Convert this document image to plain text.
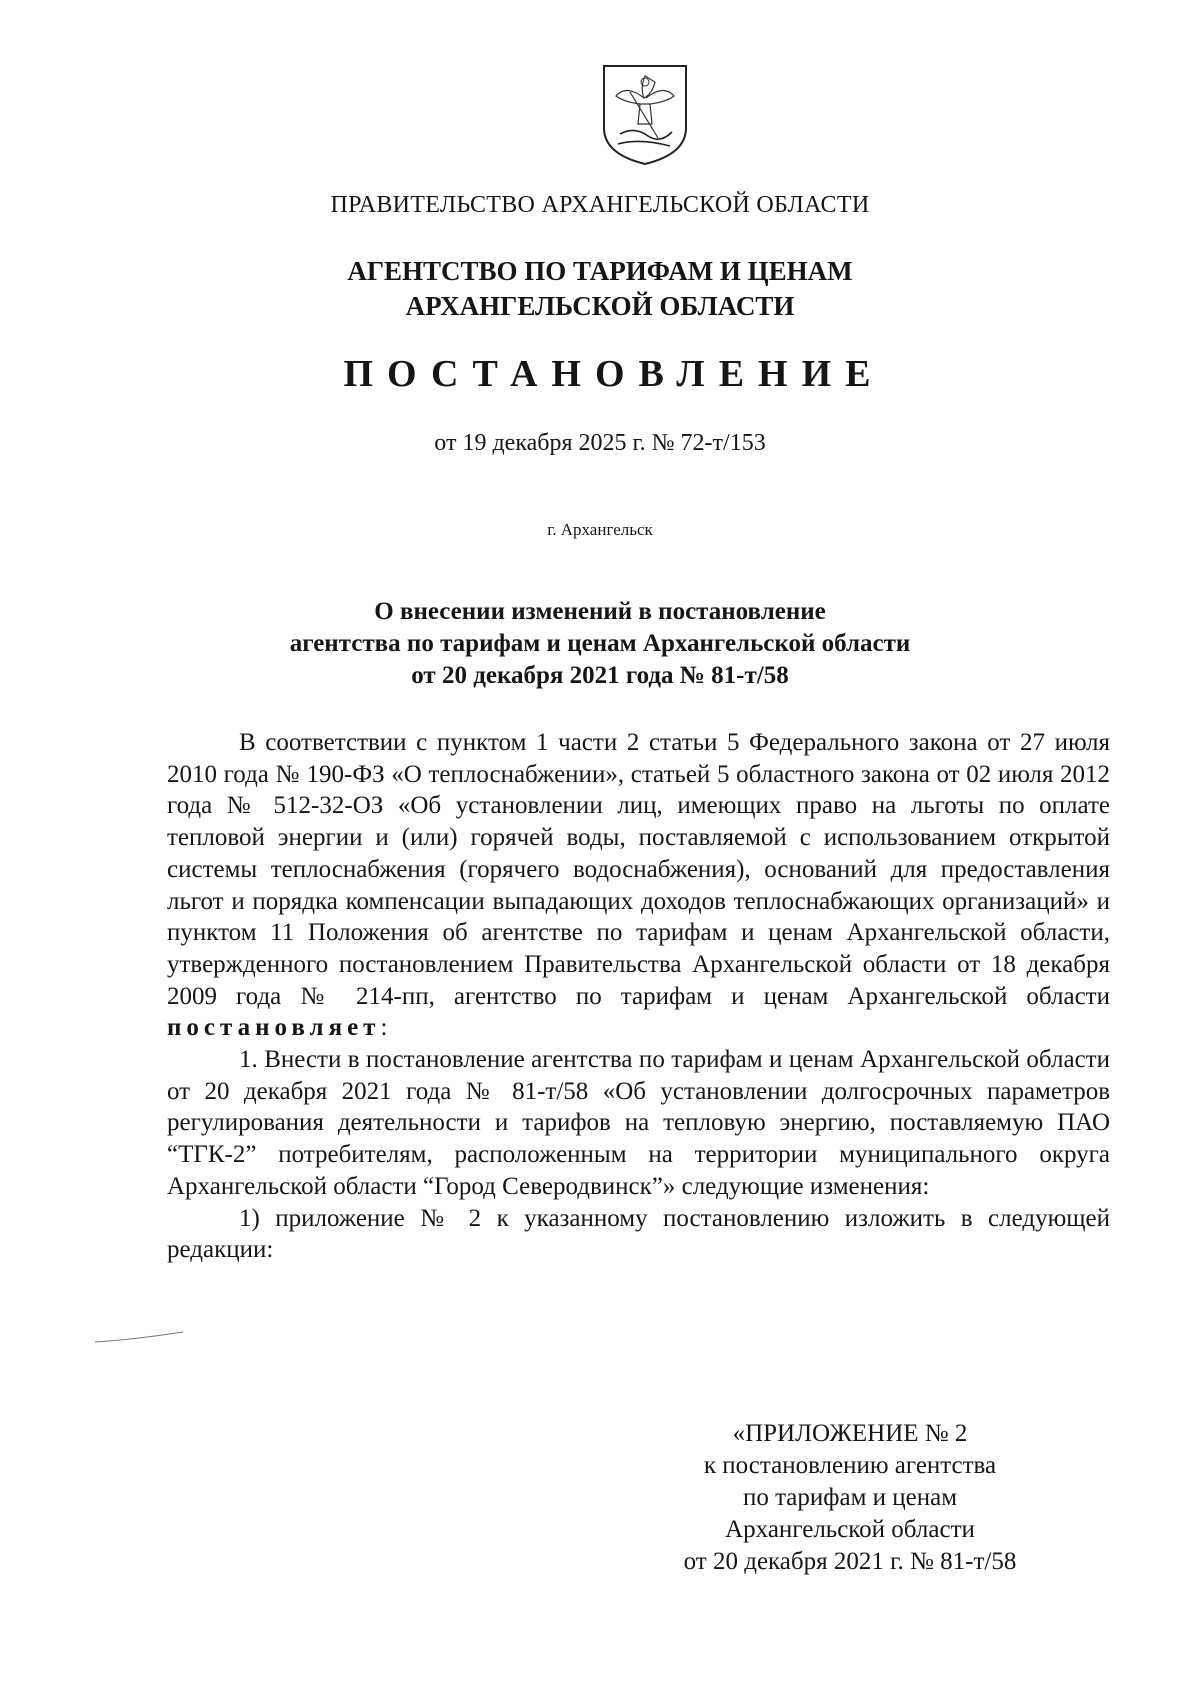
ПРАВИТЕЛЬСТВО АРХАНГЕЛЬСКОЙ ОБЛАСТИ
АГЕНТСТВО ПО ТАРИФАМ И ЦЕНАМ
АРХАНГЕЛЬСКОЙ ОБЛАСТИ
ПОСТАНОВЛЕНИЕ
от 19 декабря 2025 г. № 72-т/153
г. Архангельск
О внесении изменений в постановление
агентства по тарифам и ценам Архангельской области
от 20 декабря 2021 года № 81-т/58

В соответствии с пунктом 1 части 2 статьи 5 Федерального закона от 27 июля 2010 года № 190-ФЗ «О теплоснабжении», статьей 5 областного закона от 02 июля 2012 года № 512-32-ОЗ «Об установлении лиц, имеющих право на льготы по оплате тепловой энергии и (или) горячей воды, поставляемой с использованием открытой системы теплоснабжения (горячего водоснабжения), оснований для предоставления льгот и порядка компенсации выпадающих доходов теплоснабжающих организаций» и пунктом 11 Положения об агентстве по тарифам и ценам Архангельской области, утвержденного постановлением Правительства Архангельской области от 18 декабря 2009 года № 214-пп, агентство по тарифам и ценам Архангельской области постановляет:

1. Внести в постановление агентства по тарифам и ценам Архангельской области от 20 декабря 2021 года № 81-т/58 «Об установлении долгосрочных параметров регулирования деятельности и тарифов на тепловую энергию, поставляемую ПАО “ТГК-2” потребителям, расположенным на территории муниципального округа Архангельской области “Город Северодвинск”» следующие изменения:

1) приложение № 2 к указанному постановлению изложить в следующей редакции:

«ПРИЛОЖЕНИЕ № 2
к постановлению агентства
по тарифам и ценам
Архангельской области
от 20 декабря 2021 г. № 81-т/58
